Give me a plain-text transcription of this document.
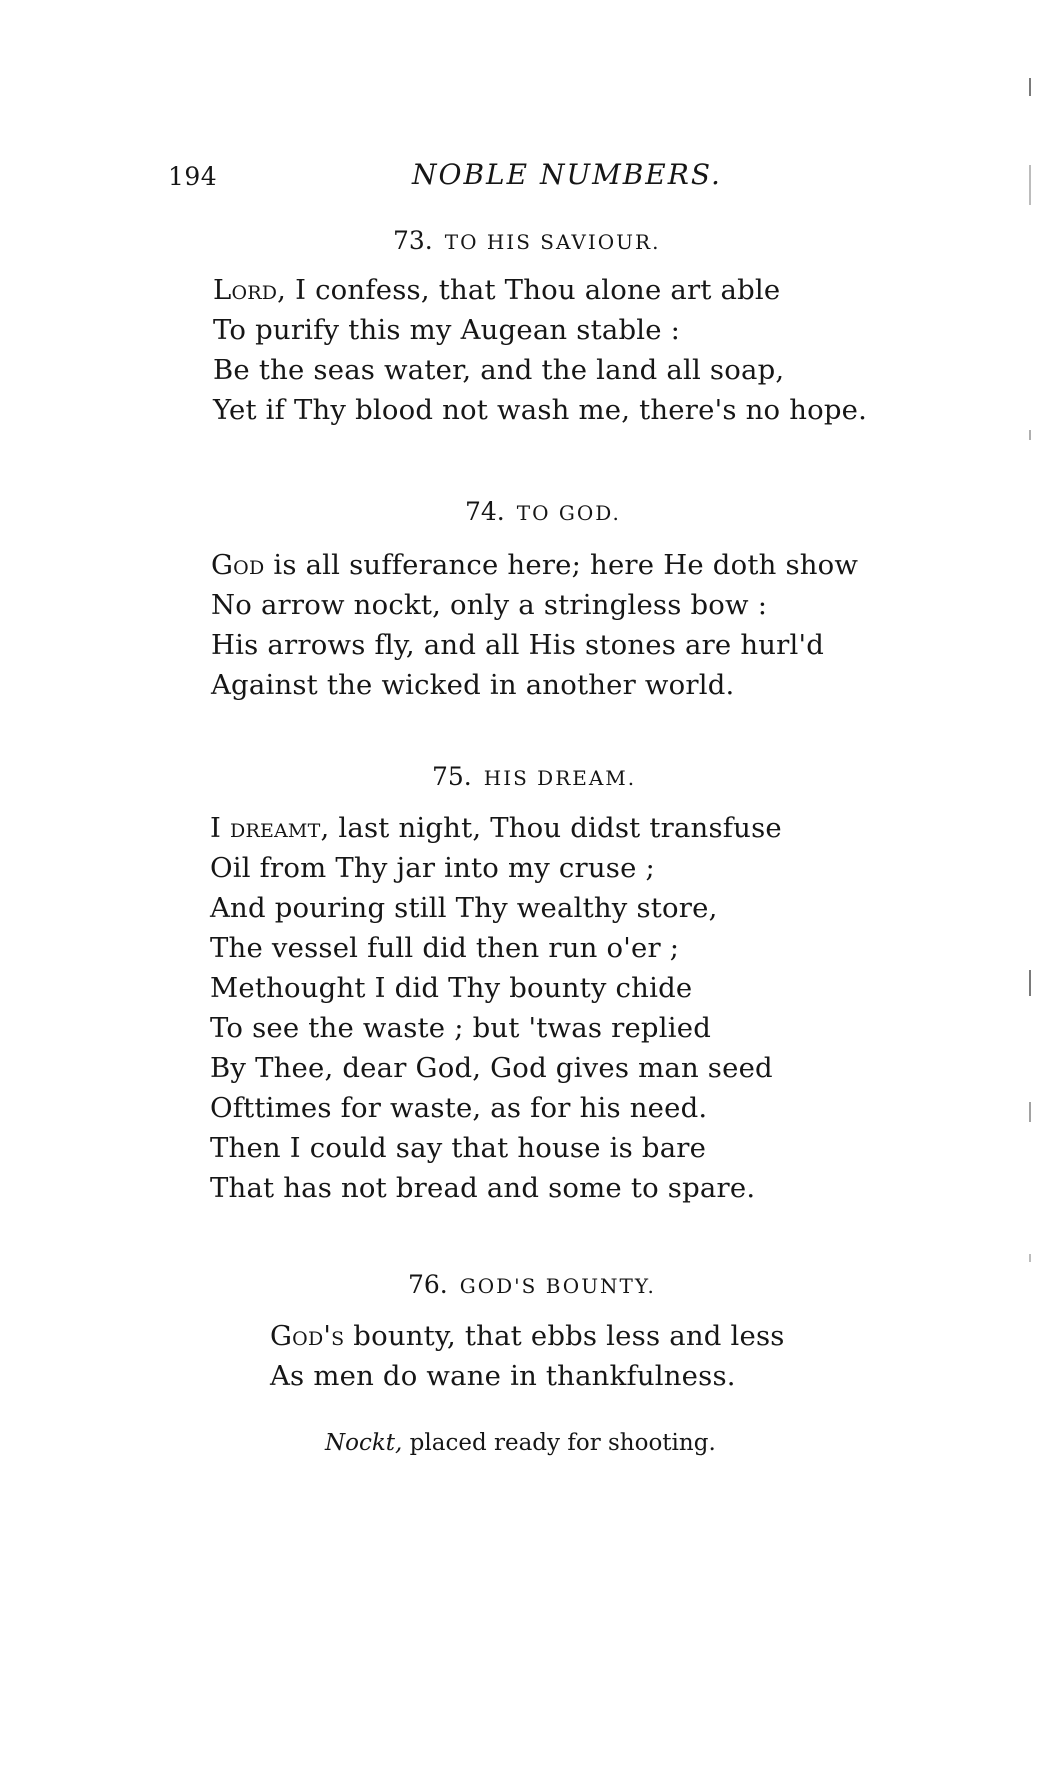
194	NOBLE NUMBERS.
73. TO HIS SAVIOUR.
Lord, I confess, that Thou alone art able
To purify this my Augean stable :
Be the seas water, and the land all soap,
Yet if Thy blood not wash me, there's no hope.
74. TO GOD.
God is all sufferance here; here He doth show
No arrow nockt, only a stringless bow :
His arrows fly, and all His stones are hurl'd
Against the wicked in another world.
75. HIS DREAM.
I dreamt, last night, Thou didst transfuse
Oil from Thy jar into my cruse ;
And pouring still Thy wealthy store,
The vessel full did then run o'er ;
Methought I did Thy bounty chide
To see the waste ; but 'twas replied
By Thee, dear God, God gives man seed
Ofttimes for waste, as for his need.
Then I could say that house is bare
That has not bread and some to spare.
76. GOD'S BOUNTY.
God's bounty, that ebbs less and less
As men do wane in thankfulness.
Nockt, placed ready for shooting.
